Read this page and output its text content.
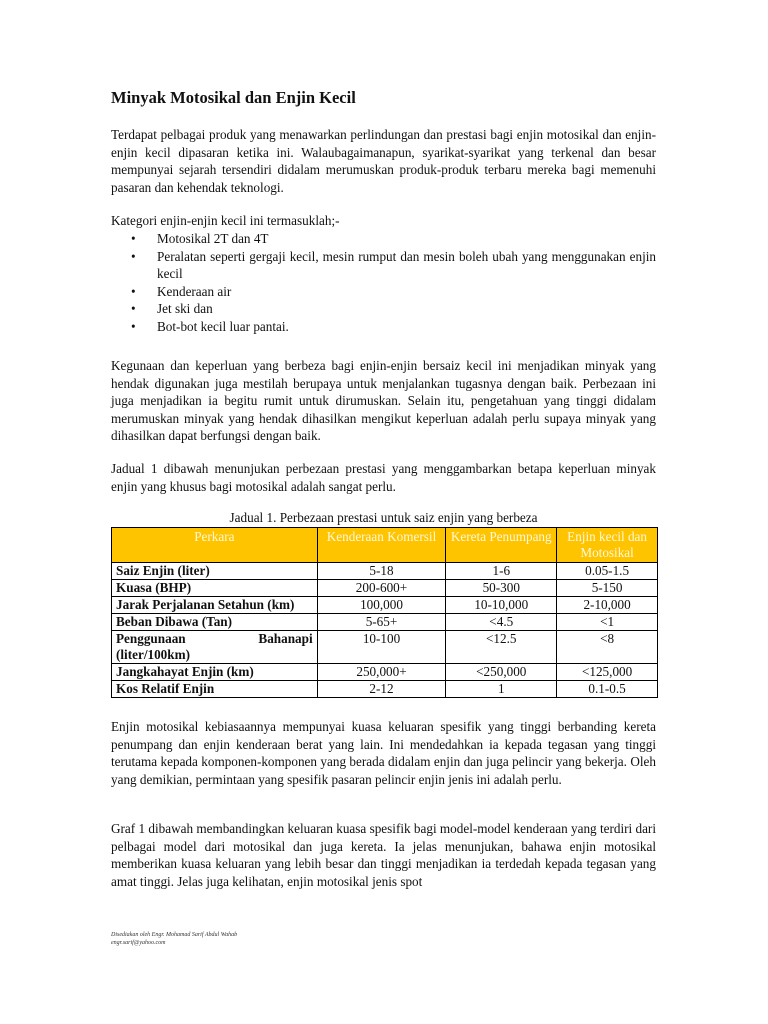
Minyak Motosikal dan Enjin Kecil

Terdapat pelbagai produk yang menawarkan perlindungan dan prestasi bagi enjin motosikal dan enjin-enjin kecil dipasaran ketika ini. Walaubagaimanapun, syarikat-syarikat yang terkenal dan besar mempunyai sejarah tersendiri didalam merumuskan produk-produk terbaru mereka bagi memenuhi pasaran dan kehendak teknologi.

Kategori enjin-enjin kecil ini termasuklah;-

• Motosikal 2T dan 4T
• Peralatan seperti gergaji kecil, mesin rumput dan mesin boleh ubah yang menggunakan enjin kecil
• Kenderaan air
• Jet ski dan
• Bot-bot kecil luar pantai.

Kegunaan dan keperluan yang berbeza bagi enjin-enjin bersaiz kecil ini menjadikan minyak yang hendak digunakan juga mestilah berupaya untuk menjalankan tugasnya dengan baik. Perbezaan ini juga menjadikan ia begitu rumit untuk dirumuskan. Selain itu, pengetahuan yang tinggi didalam merumuskan minyak yang hendak dihasilkan mengikut keperluan adalah perlu supaya minyak yang dihasilkan dapat berfungsi dengan baik.

Jadual 1 dibawah menunjukan perbezaan prestasi yang menggambarkan betapa keperluan minyak enjin yang khusus bagi motosikal adalah sangat perlu.

Jadual 1. Perbezaan prestasi untuk saiz enjin yang berbeza

Perkara	Kenderaan Komersil	Kereta Penumpang	Enjin kecil dan Motosikal
Saiz Enjin (liter)	5-18	1-6	0.05-1.5
Kuasa (BHP)	200-600+	50-300	5-150
Jarak Perjalanan Setahun (km)	100,000	10-10,000	2-10,000
Beban Dibawa (Tan)	5-65+	<4.5	<1

Penggunaan Bahanapi
(liter/100km)	10-100	<12.5	<8
Jangkahayat Enjin (km)	250,000+	<250,000	<125,000
Kos Relatif Enjin	2-12	1	0.1-0.5

Enjin motosikal kebiasaannya mempunyai kuasa keluaran spesifik yang tinggi berbanding kereta penumpang dan enjin kenderaan berat yang lain. Ini mendedahkan ia kepada tegasan yang tinggi terutama kepada komponen-komponen yang berada didalam enjin dan juga pelincir yang bekerja. Oleh yang demikian, permintaan yang spesifik pasaran pelincir enjin jenis ini adalah perlu.

Graf 1 dibawah membandingkan keluaran kuasa spesifik bagi model-model kenderaan yang terdiri dari pelbagai model dari motosikal dan juga kereta. Ia jelas menunjukan, bahawa enjin motosikal memberikan kuasa keluaran yang lebih besar dan tinggi menjadikan ia terdedah kepada tegasan yang amat tinggi. Jelas juga kelihatan, enjin motosikal jenis spot

Disediakan oleh Engr. Mohamad Sarif Abdul Wahab
engr.sarif@yahoo.com
